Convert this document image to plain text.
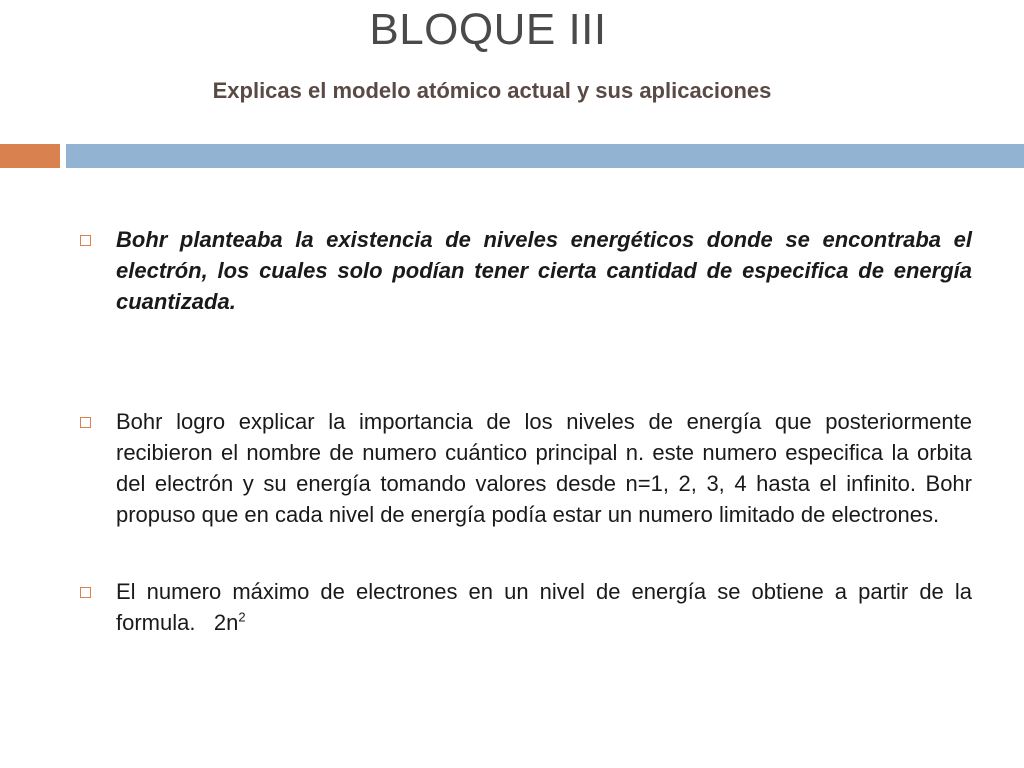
BLOQUE III
Explicas el modelo atómico actual y sus aplicaciones
Bohr planteaba la existencia de niveles energéticos donde se encontraba el electrón, los cuales solo podían tener cierta cantidad de especifica de energía cuantizada.
Bohr logro explicar la importancia de los niveles de energía que posteriormente recibieron el nombre de numero cuántico principal n. este numero especifica la orbita del electrón y su energía tomando valores desde n=1, 2, 3, 4 hasta el infinito. Bohr propuso que en cada nivel de energía podía estar un numero limitado de electrones.
El numero máximo de electrones en un nivel de energía se obtiene a partir de la formula. $2n^2$
